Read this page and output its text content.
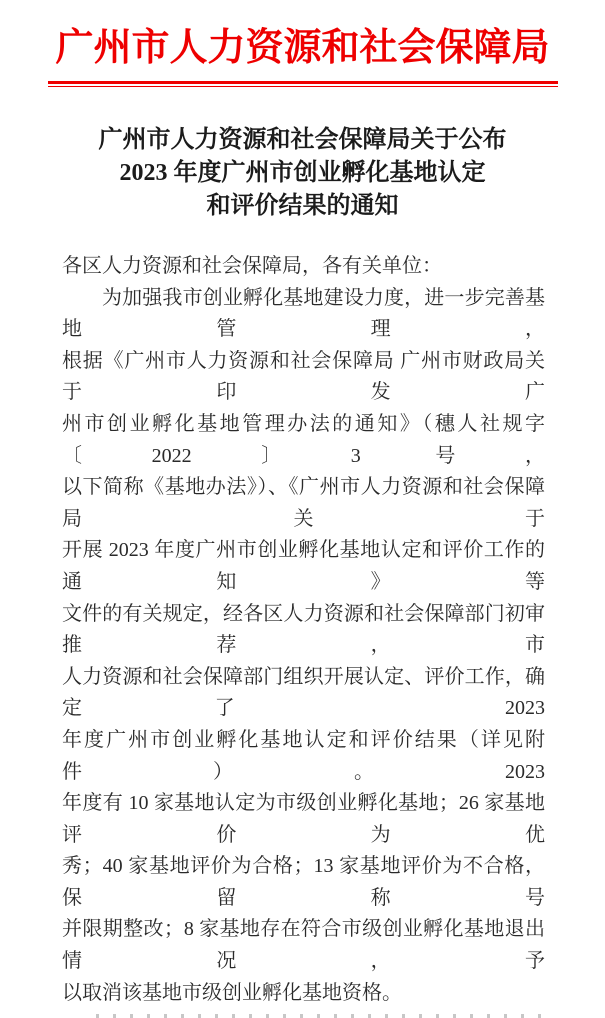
广州市人力资源和社会保障局
广州市人力资源和社会保障局关于公布
2023 年度广州市创业孵化基地认定
和评价结果的通知

各区人力资源和社会保障局，各有关单位：

为加强我市创业孵化基地建设力度，进一步完善基地管理，

根据《广州市人力资源和社会保障局 广州市财政局关于印发广

州市创业孵化基地管理办法的通知》（穗人社规字〔2022〕3 号，

以下简称《基地办法》）、《广州市人力资源和社会保障局关于

开展 2023 年度广州市创业孵化基地认定和评价工作的通知》等

文件的有关规定，经各区人力资源和社会保障部门初审推荐，市

人力资源和社会保障部门组织开展认定、评价工作，确定了 2023

年度广州市创业孵化基地认定和评价结果（详见附件）。2023

年度有 10 家基地认定为市级创业孵化基地；26 家基地评价为优

秀；40 家基地评价为合格；13 家基地评价为不合格，保留称号

并限期整改；8 家基地存在符合市级创业孵化基地退出情况，予

以取消该基地市级创业孵化基地资格。
